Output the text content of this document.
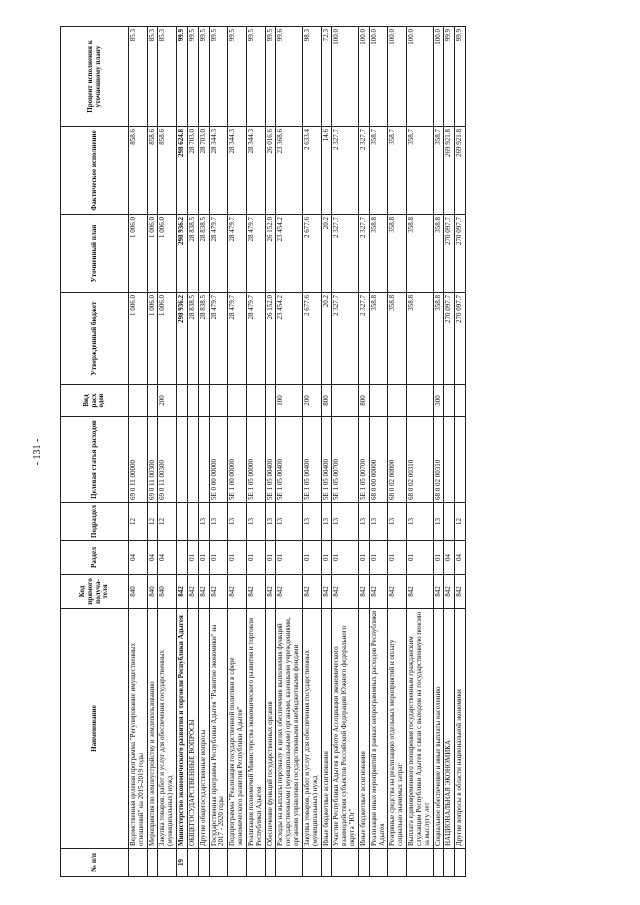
- 131 -
№ п/п	Наименование	Код прямого получа-теля	Раздел	Подраздел	Целевая статья расходов	Вид расх одов	Утвержденный бюджет	Уточненный план	Фактическое исполнение	Процент исполнения к уточненному плану
	Ведомственная целевая программа "Регулирование имущественных отношений" на 2015-2019 годы	840	04	12	69 0 11 00000		1 006.0	1 006.0	858.6	85.3
	Мероприятия по землеустройству и землепользованию	840	04	12	69 0 11 00300		1 006.0	1 006.0	858.6	85.3
	Закупка товаров, работ и услуг для обеспечения государственных (муниципальных) нужд	840	04	12	69 0 11 00300	200	1 006.0	1 006.0	858.6	85.3
19	Министерство экономического развития и торговли Республики Адыгея	842					298 936.2	298 936.2	298 624.8	99.9
	ОБЩЕГОСУДАРСТВЕННЫЕ ВОПРОСЫ	842	01				28 838.5	28 838.5	28 703.0	99.5
	Другие общегосударственные вопросы	842	01	13			28 838.5	28 838.5	28 703.0	99.5
	Государственная программа Республики Адыгея "Развитие экономики" на 2017 - 2020 годы	842	01	13	5Е 0 00 00000		28 479.7	28 479.7	28 344.3	99.5
	Подпрограмма "Реализация государственной политики в сфере экономического развития Республики Адыгея"	842	01	13	5Е 1 00 00000		28 479.7	28 479.7	28 344.3	99.5
	Реализация полномочий Министерства экономического развития и торговли Республики Адыгея	842	01	13	5Е 1 05 00000		28 479.7	28 479.7	28 344.3	99.5
	Обеспечение функций государственных органов	842	01	13	5Е 1 05 00400		26 152.0	26 152.0	26 016.6	99.5
	Расходы на выплаты персоналу в целях обеспечения выполнения функций государственными (муниципальными) органами, казенными учреждениями, органами управления государственными внебюджетными фондами	842	01	13	5Е 1 05 00400	100	23 454.2	23 454.2	23 368.6	99.6
	Закупка товаров, работ и услуг для обеспечения государственных (муниципальных) нужд	842	01	13	5Е 1 05 00400	200	2 677.6	2 677.6	2 633.4	98.3
	Иные бюджетные ассигнования	842	01	13	5Е 1 05 00400	800	20.2	20.2	14.6	72.3
	Участие Республики Адыгея в работе Ассоциации экономического взаимодействия субъектов Российской Федерации Южного федерального округа "Юг"	842	01	13	5Е 1 05 00700		2 327.7	2 327.7	2 327.7	100.0
	Иные бюджетные ассигнования	842	01	13	5Е 1 05 00700	800	2 327.7	2 327.7	2 327.7	100.0
	Реализация иных мероприятий в рамках непрограммных расходов Республики Адыгея	842	01	13	68 0 00 00000		358.8	358.8	358.7	100.0
	Резервные средства на реализацию отдельных мероприятий и оплату социально значимых затрат	842	01	13	68 0 02 00000		358.8	358.8	358.7	100.0
	Выплата единовременного поощрения государственным гражданским служащим Республики Адыгея в связи с выходом на государственную пенсию за выслугу лет	842	01	13	68 0 02 00310		358.8	358.8	358.7	100.0
	Социальное обеспечение и иные выплаты населению	842	01	13	68 0 02 00310	300	358.8	358.8	358.7	100.0
	НАЦИОНАЛЬНАЯ ЭКОНОМИКА	842	04				270 097.7	270 097.7	269 921.8	99.9
	Другие вопросы в области национальной экономики	842	04	12			270 097.7	270 097.7	269 921.8	99.9
